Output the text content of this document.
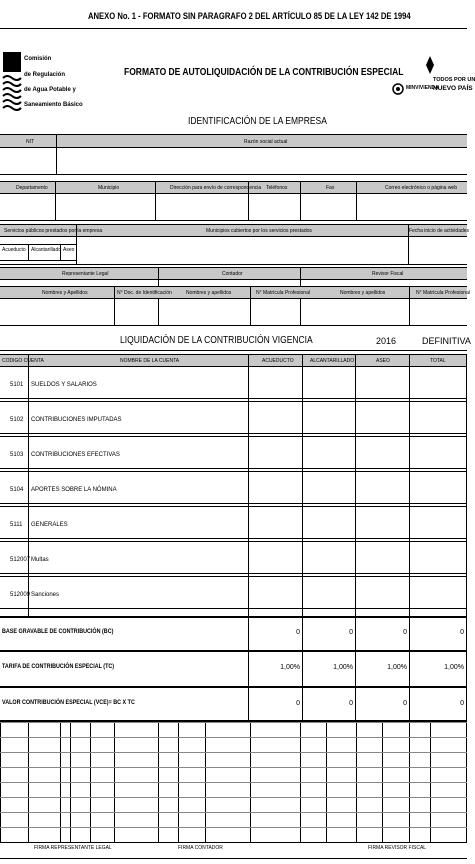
ANEXO No. 1 - FORMATO SIN PARAGRAFO 2 DEL ARTÍCULO 85 DE LA LEY 142 DE 1994
Comisión
de Regulación
de Agua Potable y
Saneamiento Básico
FORMATO DE AUTOLIQUIDACIÓN DE LA CONTRIBUCIÓN ESPECIAL
MINVIVIENDA
TODOS POR UN
NUEVO PAÍS
IDENTIFICACIÓN DE LA EMPRESA
NIT	Razón social actual
Departamento	Municipio	Dirección para envío de correspondencia Teléfonos	Fax	Correo electrónico o página web
Servicios públicos prestados por la empresa	Municipios cubiertos por los servicios prestados	Fecha inicio de actividades
Acueducto Alcantarillado Aseo
Representante Legal	Contador	Revisor Fiscal
Nombres y Apellidos	N° Doc. de Identificación	Nombres y apellidos	N° Matrícula Profesional	Nombres y apellidos	N° Matrícula Profesional
LIQUIDACIÓN DE LA CONTRIBUCIÓN VIGENCIA	2016	DEFINITIVA
CODIGO CUENTA	NOMBRE DE LA CUENTA	ACUEDUCTO	ALCANTARILLADO	ASEO	TOTAL
5101 SUELDOS Y SALARIOS
5102 CONTRIBUCIONES IMPUTADAS
5103 CONTRIBUCIONES EFECTIVAS
5104 APORTES SOBRE LA NÓMINA
5111 GENERALES
512007 Multas
512009 Sanciones
BASE GRAVABLE DE CONTRIBUCIÓN (BC)	0	0	0	0
TARIFA DE CONTRIBUCIÓN ESPECIAL (TC)	1,00%	1,00%	1,00%	1,00%
VALOR CONTRIBUCIÓN ESPECIAL (VCE)= BC X TC	0	0	0	0
FIRMA REPRESENTANTE LEGAL	FIRMA CONTADOR	FIRMA REVISOR FISCAL
